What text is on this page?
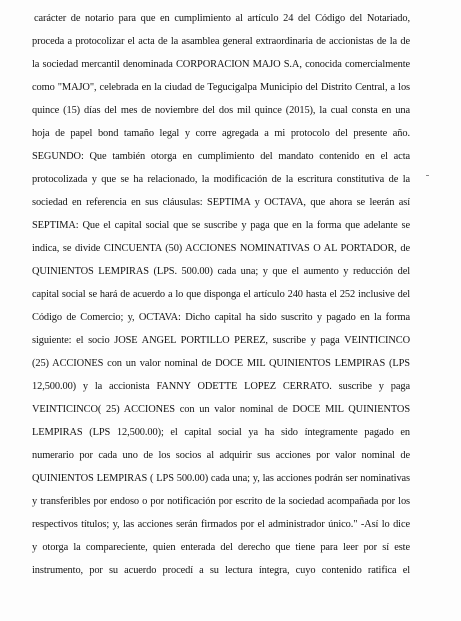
carácter de notario para que en cumplimiento al artículo 24 del Código del Notariado,
proceda a protocolizar el acta de la asamblea general extraordinaria de accionistas de la de
la sociedad mercantil denominada CORPORACION MAJO S.A, conocida comercialmente
como "MAJO", celebrada en la ciudad de Tegucigalpa Municipio del Distrito Central, a los
quince (15) días del mes de noviembre del dos mil quince (2015), la cual consta en una
hoja de papel bond tamaño legal y corre agregada a mi protocolo del presente año.
SEGUNDO: Que también otorga en cumplimiento del mandato contenido en el acta
protocolizada y que se ha relacionado, la modificación de la escritura constitutiva de la
sociedad en referencia en sus cláusulas: SEPTIMA y OCTAVA, que ahora se leerán así
SEPTIMA: Que el capital social que se suscribe y paga que en la forma que adelante se
indica, se divide CINCUENTA (50) ACCIONES NOMINATIVAS O AL PORTADOR, de
QUINIENTOS LEMPIRAS (LPS. 500.00) cada una; y que el aumento y reducción del
capital social se hará de acuerdo a lo que disponga el artículo 240 hasta el 252 inclusive del
Código de Comercio; y, OCTAVA: Dicho capital ha sido suscrito y pagado en la forma
siguiente: el socio JOSE ANGEL PORTILLO PEREZ, suscribe y paga VEINTICINCO
(25) ACCIONES con un valor nominal de DOCE MIL QUINIENTOS LEMPIRAS (LPS
12,500.00) y la accionista FANNY ODETTE LOPEZ CERRATO. suscribe y paga
VEINTICINCO( 25) ACCIONES con un valor nominal de DOCE MIL QUINIENTOS
LEMPIRAS (LPS 12,500.00); el capital social ya ha sido íntegramente pagado en
numerario por cada uno de los socios al adquirir sus acciones por valor nominal de
QUINIENTOS LEMPIRAS ( LPS 500.00) cada una; y, las acciones podrán ser nominativas
y transferibles por endoso o por notificación por escrito de la sociedad acompañada por los
respectivos títulos; y, las acciones serán firmados por el administrador único." -Así lo dice
y otorga la compareciente, quien enterada del derecho que tiene para leer por sí este
instrumento, por su acuerdo procedí a su lectura íntegra, cuyo contenido ratifica el
